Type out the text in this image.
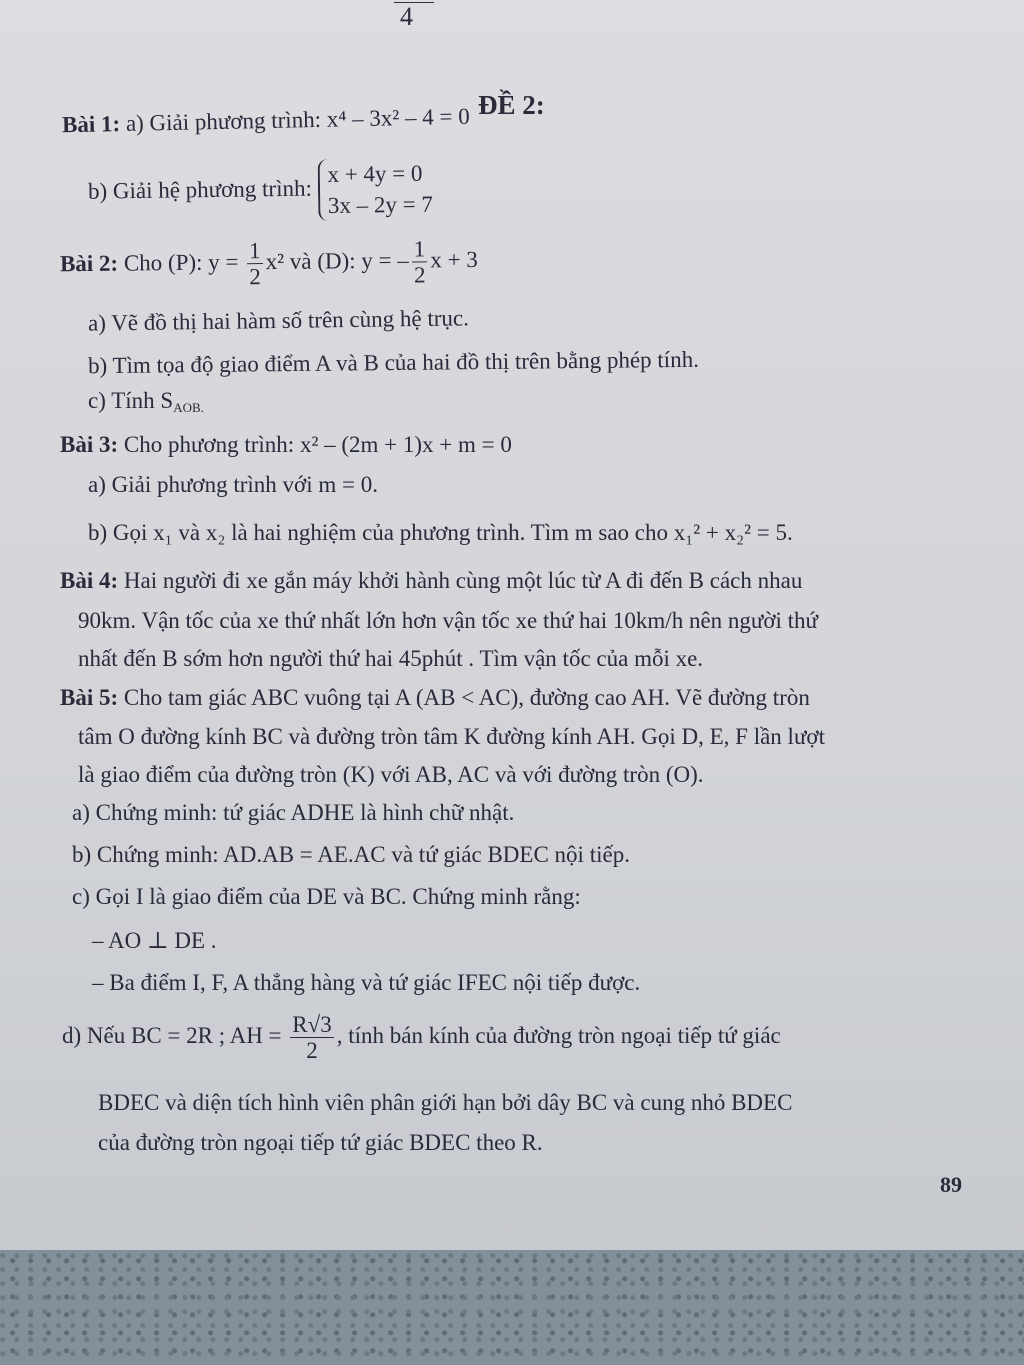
4
ĐỀ 2:
Bài 1: a) Giải phương trình: x⁴ – 3x² – 4 = 0
b) Giải hệ phương trình: x + 4y = 0
3x – 2y = 7
Bài 2: Cho (P): $y = \frac{1}{2} x^2$ và (D): y = – $\frac{1}{2}$ x + 3
a) Vẽ đồ thị hai hàm số trên cùng hệ trục.
b) Tìm tọa độ giao điểm A và B của hai đồ thị trên bằng phép tính.
c) Tính $S_{AOB.}$
Bài 3: Cho phương trình: x² – (2m + 1)x + m = 0
a) Giải phương trình với m = 0.
b) Gọi x₁ và x₂ là hai nghiệm của phương trình. Tìm m sao cho x₁² + x₂² = 5.
Bài 4: Hai người đi xe gắn máy khởi hành cùng một lúc từ A đi đến B cách nhau
90km. Vận tốc của xe thứ nhất lớn hơn vận tốc xe thứ hai 10km/h nên người thứ
nhất đến B sớm hơn người thứ hai 45phút . Tìm vận tốc của mỗi xe.
Bài 5: Cho tam giác ABC vuông tại A (AB < AC), đường cao AH. Vẽ đường tròn
tâm O đường kính BC và đường tròn tâm K đường kính AH. Gọi D, E, F lần lượt
là giao điểm của đường tròn (K) với AB, AC và với đường tròn (O).
a) Chứng minh: tứ giác ADHE là hình chữ nhật.
b) Chứng minh: AD.AB = AE.AC và tứ giác BDEC nội tiếp.
c) Gọi I là giao điểm của DE và BC. Chứng minh rằng:
– AO ⊥ DE .
– Ba điểm I, F, A thẳng hàng và tứ giác IFEC nội tiếp được.
d) Nếu BC = 2R ; AH = $\frac{R√3}{2}$ , tính bán kính của đường tròn ngoại tiếp tứ giác
BDEC và diện tích hình viên phân giới hạn bởi dây BC và cung nhỏ BDEC
của đường tròn ngoại tiếp tứ giác BDEC theo R.
89
